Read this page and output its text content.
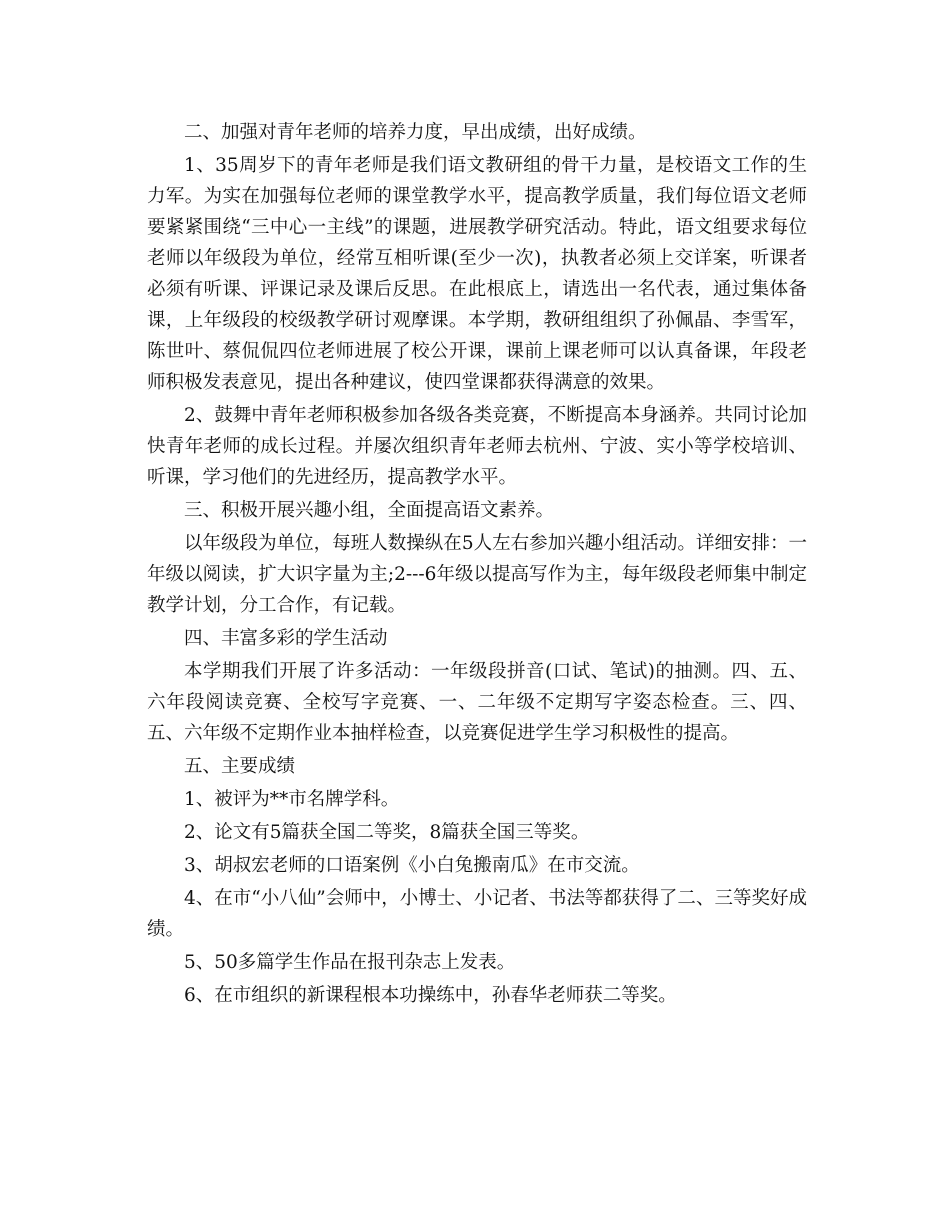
二、加强对青年老师的培养力度，早出成绩，出好成绩。

1、35周岁下的青年老师是我们语文教研组的骨干力量，是校语文工作的生力军。为实在加强每位老师的课堂教学水平，提高教学质量，我们每位语文老师要紧紧围绕“三中心一主线”的课题，进展教学研究活动。特此，语文组要求每位老师以年级段为单位，经常互相听课(至少一次)，执教者必须上交详案，听课者必须有听课、评课记录及课后反思。在此根底上，请选出一名代表，通过集体备课，上年级段的校级教学研讨观摩课。本学期，教研组组织了孙佩晶、李雪军，陈世叶、蔡侃侃四位老师进展了校公开课，课前上课老师可以认真备课，年段老师积极发表意见，提出各种建议，使四堂课都获得满意的效果。

2、鼓舞中青年老师积极参加各级各类竞赛，不断提高本身涵养。共同讨论加快青年老师的成长过程。并屡次组织青年老师去杭州、宁波、实小等学校培训、听课，学习他们的先进经历，提高教学水平。

三、积极开展兴趣小组，全面提高语文素养。

以年级段为单位，每班人数操纵在5人左右参加兴趣小组活动。详细安排：一年级以阅读，扩大识字量为主;2---6年级以提高写作为主，每年级段老师集中制定教学计划，分工合作，有记载。

四、丰富多彩的学生活动

本学期我们开展了许多活动：一年级段拼音(口试、笔试)的抽测。四、五、六年段阅读竞赛、全校写字竞赛、一、二年级不定期写字姿态检查。三、四、五、六年级不定期作业本抽样检查，以竞赛促进学生学习积极性的提高。

五、主要成绩

1、被评为**市名牌学科。

2、论文有5篇获全国二等奖，8篇获全国三等奖。

3、胡叔宏老师的口语案例《小白兔搬南瓜》在市交流。

4、在市“小八仙”会师中，小博士、小记者、书法等都获得了二、三等奖好成绩。

5、50多篇学生作品在报刊杂志上发表。

6、在市组织的新课程根本功操练中，孙春华老师获二等奖。
